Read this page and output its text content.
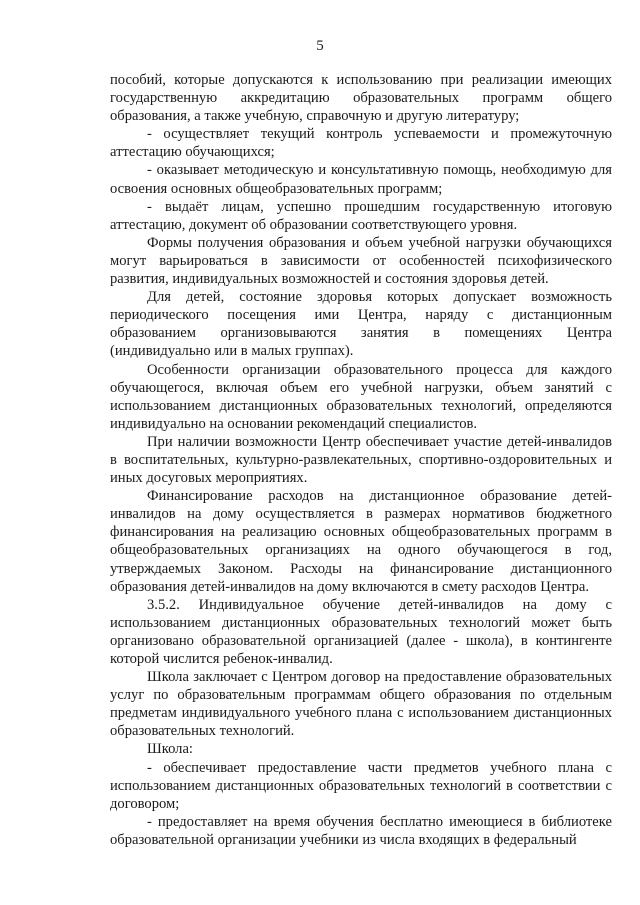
5

пособий, которые допускаются к использованию при реализации имеющих государственную аккредитацию образовательных программ общего образования, а также учебную, справочную и другую литературу;

- осуществляет текущий контроль успеваемости и промежуточную аттестацию обучающихся;

- оказывает методическую и консультативную помощь, необходимую для освоения основных общеобразовательных программ;

- выдаёт лицам, успешно прошедшим государственную итоговую аттестацию, документ об образовании соответствующего уровня.

Формы получения образования и объем учебной нагрузки обучающихся могут варьироваться в зависимости от особенностей психофизического развития, индивидуальных возможностей и состояния здоровья детей.

Для детей, состояние здоровья которых допускает возможность периодического посещения ими Центра, наряду с дистанционным образованием организовываются занятия в помещениях Центра (индивидуально или в малых группах).

Особенности организации образовательного процесса для каждого обучающегося, включая объем его учебной нагрузки, объем занятий с использованием дистанционных образовательных технологий, определяются индивидуально на основании рекомендаций специалистов.

При наличии возможности Центр обеспечивает участие детей-инвалидов в воспитательных, культурно-развлекательных, спортивно-оздоровительных и иных досуговых мероприятиях.

Финансирование расходов на дистанционное образование детей-инвалидов на дому осуществляется в размерах нормативов бюджетного финансирования на реализацию основных общеобразовательных программ в общеобразовательных организациях на одного обучающегося в год, утверждаемых Законом. Расходы на финансирование дистанционного образования детей-инвалидов на дому включаются в смету расходов Центра.

3.5.2. Индивидуальное обучение детей-инвалидов на дому с использованием дистанционных образовательных технологий может быть организовано образовательной организацией (далее - школа), в контингенте которой числится ребенок-инвалид.

Школа заключает с Центром договор на предоставление образовательных услуг по образовательным программам общего образования по отдельным предметам индивидуального учебного плана с использованием дистанционных образовательных технологий.

Школа:

- обеспечивает предоставление части предметов учебного плана с использованием дистанционных образовательных технологий в соответствии с договором;

- предоставляет на время обучения бесплатно имеющиеся в библиотеке образовательной организации учебники из числа входящих в федеральный
